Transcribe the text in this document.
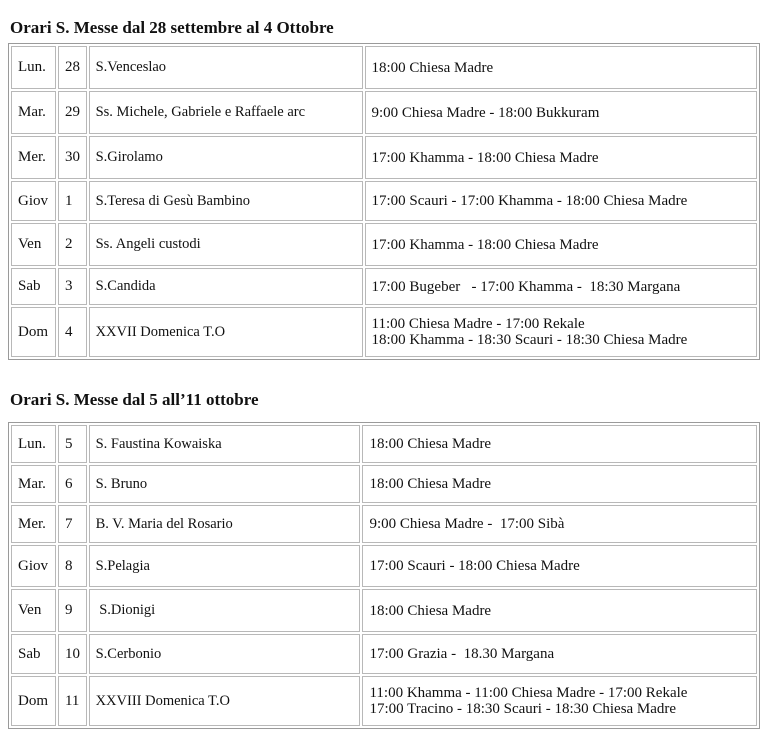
Orari S. Messe dal 28 settembre al 4 Ottobre
Lun.	28	S.Venceslao	18:00 Chiesa Madre

Mar.	29	Ss. Michele, Gabriele e Raffaele arc	9:00 Chiesa Madre - 18:00 Bukkuram

Mer.	30	S.Girolamo	17:00 Khamma - 18:00 Chiesa Madre

Giov	1	S.Teresa di Gesù Bambino	17:00 Scauri - 17:00 Khamma - 18:00 Chiesa Madre

Ven	2	Ss. Angeli custodi	17:00 Khamma - 18:00 Chiesa Madre

Sab	3	S.Candida	17:00 Bugeber   - 17:00 Khamma -  18:30 Margana

Dom	4	XXVII Domenica T.O	11:00 Chiesa Madre - 17:00 Rekale
18:00 Khamma - 18:30 Scauri - 18:30 Chiesa Madre
Orari S. Messe dal 5 all’11 ottobre
Lun.	5	S. Faustina Kowaiska	18:00 Chiesa Madre

Mar.	6	S. Bruno	18:00 Chiesa Madre

Mer.	7	B. V. Maria del Rosario	9:00 Chiesa Madre -  17:00 Sibà

Giov	8	S.Pelagia	17:00 Scauri - 18:00 Chiesa Madre

Ven	9	S.Dionigi	18:00 Chiesa Madre

Sab	10	S.Cerbonio	17:00 Grazia -  18.30 Margana

Dom	11	XXVIII Domenica T.O	11:00 Khamma - 11:00 Chiesa Madre - 17:00 Rekale
17:00 Tracino - 18:30 Scauri - 18:30 Chiesa Madre
